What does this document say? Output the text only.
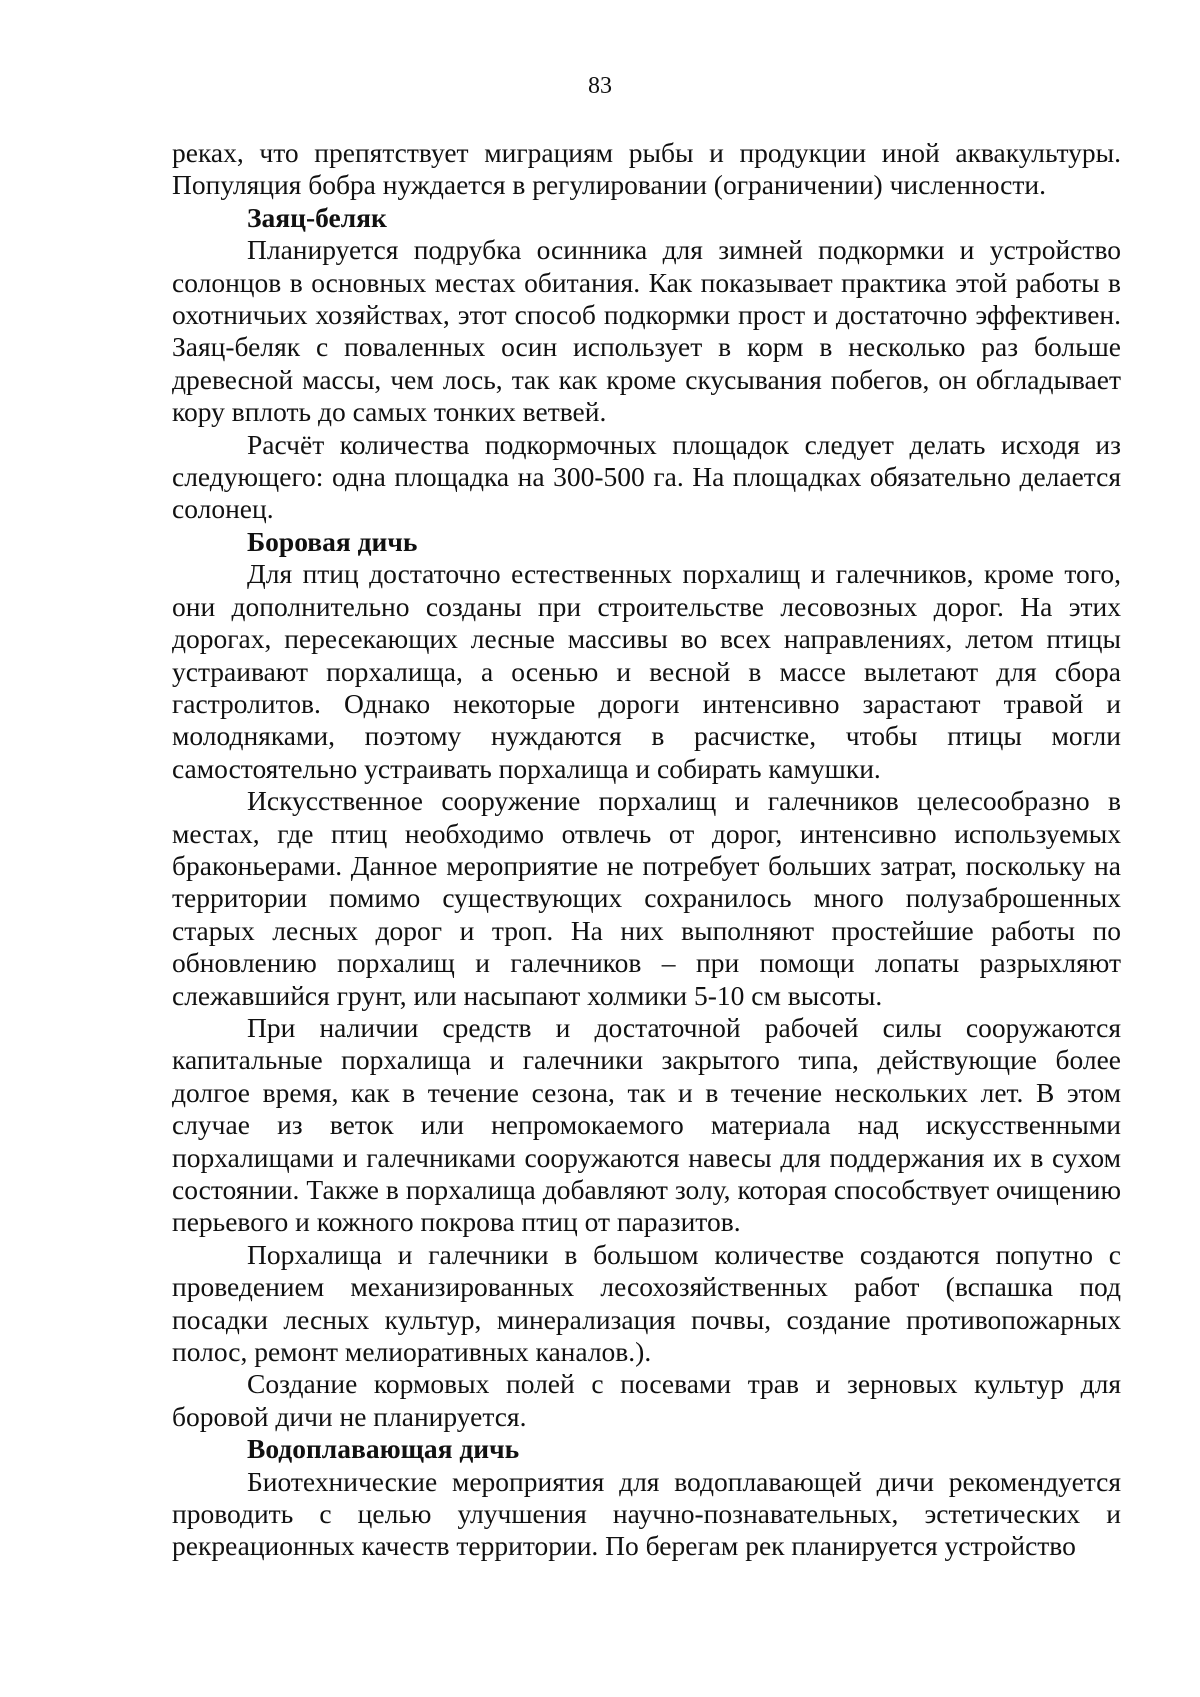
83

реках, что препятствует миграциям рыбы и продукции иной аквакультуры. Популяция бобра нуждается в регулировании (ограничении) численности.

Заяц-беляк

Планируется подрубка осинника для зимней подкормки и устройство солонцов в основных местах обитания. Как показывает практика этой работы в охотничьих хозяйствах, этот способ подкормки прост и достаточно эффективен. Заяц-беляк с поваленных осин использует в корм в несколько раз больше древесной массы, чем лось, так как кроме скусывания побегов, он обгладывает кору вплоть до самых тонких ветвей.

Расчёт количества подкормочных площадок следует делать исходя из следующего: одна площадка на 300-500 га. На площадках обязательно делается солонец.

Боровая дичь

Для птиц достаточно естественных порхалищ и галечников, кроме того, они дополнительно созданы при строительстве лесовозных дорог. На этих дорогах, пересекающих лесные массивы во всех направлениях, летом птицы устраивают порхалища, а осенью и весной в массе вылетают для сбора гастролитов. Однако некоторые дороги интенсивно зарастают травой и молодняками, поэтому нуждаются в расчистке, чтобы птицы могли самостоятельно устраивать порхалища и собирать камушки.

Искусственное сооружение порхалищ и галечников целесообразно в местах, где птиц необходимо отвлечь от дорог, интенсивно используемых браконьерами. Данное мероприятие не потребует больших затрат, поскольку на территории помимо существующих сохранилось много полузаброшенных старых лесных дорог и троп. На них выполняют простейшие работы по обновлению порхалищ и галечников – при помощи лопаты разрыхляют слежавшийся грунт, или насыпают холмики 5-10 см высоты.

При наличии средств и достаточной рабочей силы сооружаются капитальные порхалища и галечники закрытого типа, действующие более долгое время, как в течение сезона, так и в течение нескольких лет. В этом случае из веток или непромокаемого материала над искусственными порхалищами и галечниками сооружаются навесы для поддержания их в сухом состоянии. Также в порхалища добавляют золу, которая способствует очищению перьевого и кожного покрова птиц от паразитов.

Порхалища и галечники в большом количестве создаются попутно с проведением механизированных лесохозяйственных работ (вспашка под посадки лесных культур, минерализация почвы, создание противопожарных полос, ремонт мелиоративных каналов.).

Создание кормовых полей с посевами трав и зерновых культур для боровой дичи не планируется.

Водоплавающая дичь

Биотехнические мероприятия для водоплавающей дичи рекомендуется проводить с целью улучшения научно-познавательных, эстетических и рекреационных качеств территории. По берегам рек планируется устройство
